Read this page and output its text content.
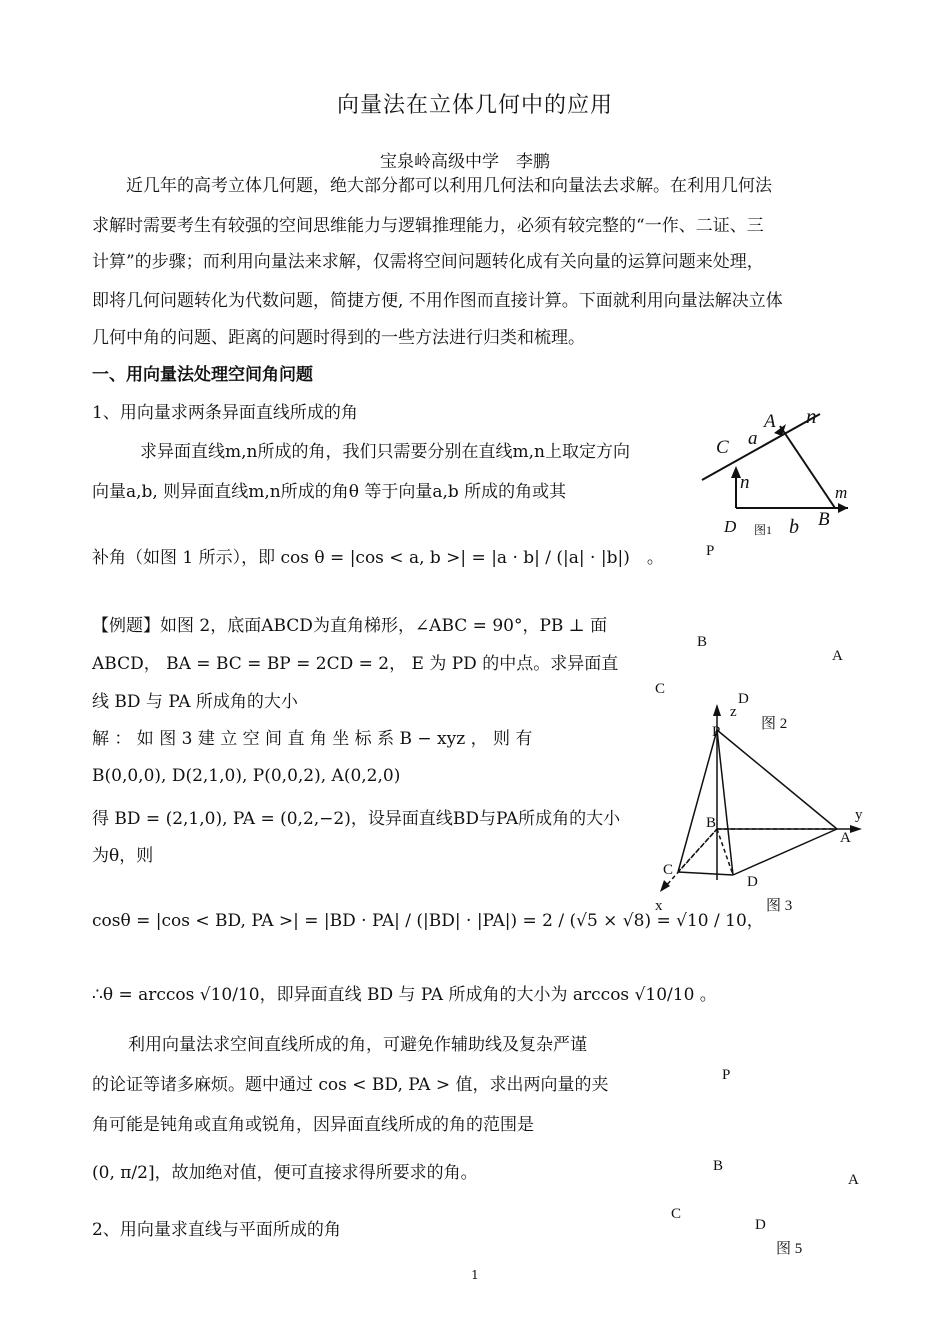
向量法在立体几何中的应用
宝泉岭高级中学　李鹏
近几年的高考立体几何题，绝大部分都可以利用几何法和向量法去求解。在利用几何法
求解时需要考生有较强的空间思维能力与逻辑推理能力，必须有较完整的“一作、二证、三
计算”的步骤；而利用向量法来求解，仅需将空间问题转化成有关向量的运算问题来处理，
即将几何问题转化为代数问题，简捷方便, 不用作图而直接计算。下面就利用向量法解决立体
几何中角的问题、距离的问题时得到的一些方法进行归类和梳理。
一、用向量法处理空间角问题
1、用向量求两条异面直线所成的角
求异面直线m,n所成的角，我们只需要分别在直线m,n上取定方向
向量a,b, 则异面直线m,n所成的角θ 等于向量a,b 所成的角或其
补角（如图 1 所示），即 cos θ = |cos < a, b >| = |a · b| / (|a| · |b|)　。
【例题】如图 2，底面ABCD为直角梯形，∠ABC = 90°，PB ⊥ 面
ABCD， BA = BC = BP = 2CD = 2， E 为 PD 的中点。求异面直
线 BD 与 PA 所成角的大小
解 ： 如 图 3 建 立 空 间 直 角 坐 标 系 B − xyz ， 则 有
B(0,0,0), D(2,1,0), P(0,0,2), A(0,2,0)
得 BD = (2,1,0), PA = (0,2,−2)，设异面直线BD与PA所成角的大小
为θ，则
cosθ = |cos < BD, PA >| = |BD · PA| / (|BD| · |PA|) = 2 / (√5 × √8) = √10 / 10，
∴θ = arccos √10/10，即异面直线 BD 与 PA 所成角的大小为 arccos √10/10 。
利用向量法求空间直线所成的角，可避免作辅助线及复杂严谨
的论证等诸多麻烦。题中通过 cos < BD, PA > 值，求出两向量的夹
角可能是钝角或直角或锐角，因异面直线所成的角的范围是
(0, π/2]，故加绝对值，便可直接求得所要求的角。
2、用向量求直线与平面所成的角
A n
C a
n	m
D 图1 b B
P
B
A
C
D
图 2
z
P
y
B
A
C
D
x	图 3
P
B
A
C
D
图 5
1
